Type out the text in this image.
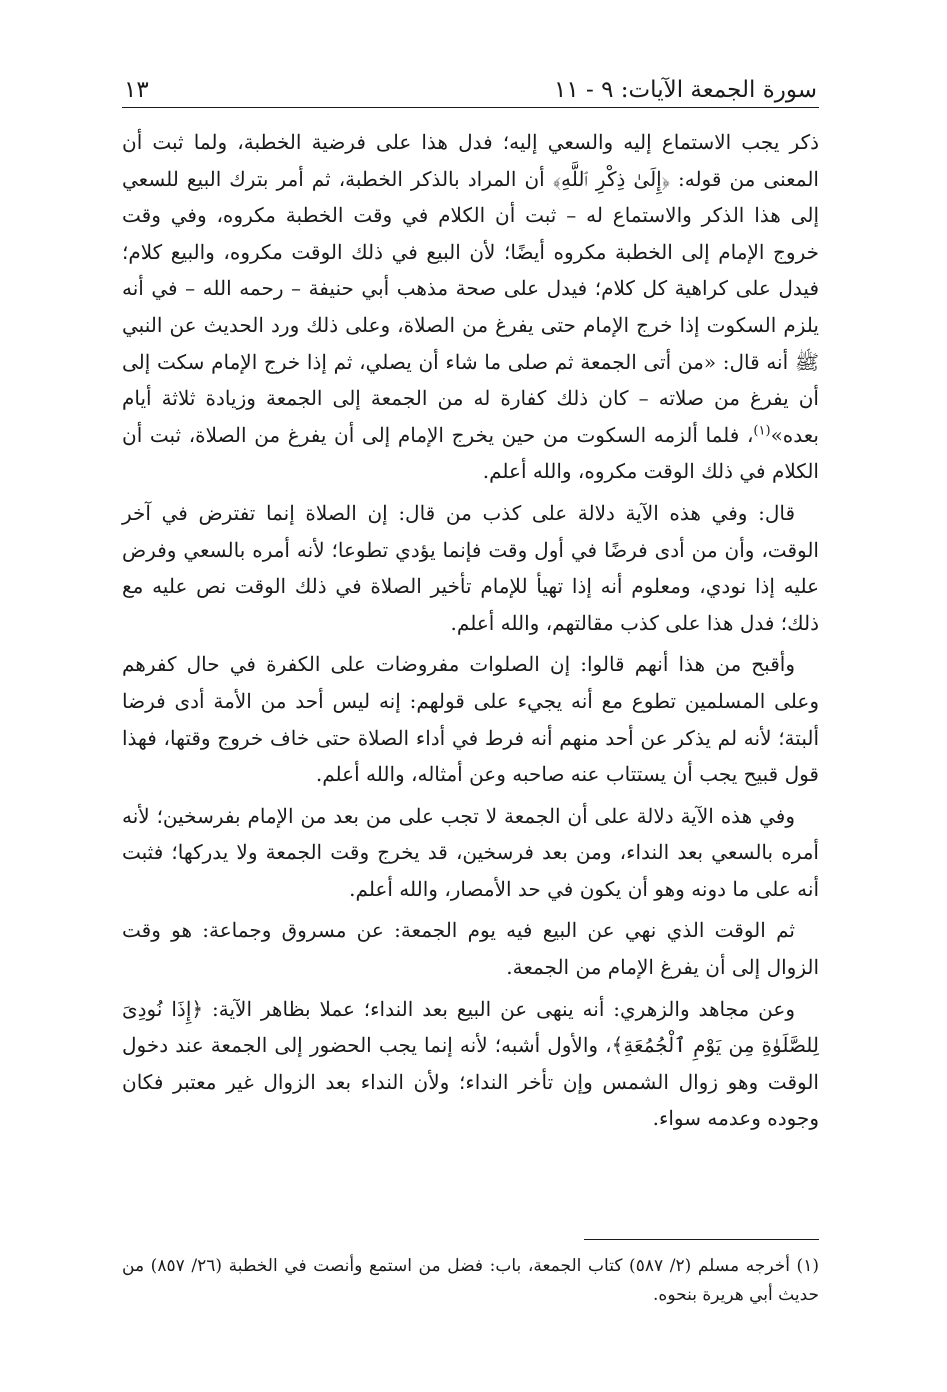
سورة الجمعة الآيات: ٩ - ١١
١٣

ذكر يجب الاستماع إليه والسعي إليه؛ فدل هذا على فرضية الخطبة، ولما ثبت أن المعنى من قوله: ﴿إِلَىٰ ذِكْرِ ٱللَّهِ﴾ أن المراد بالذكر الخطبة، ثم أمر بترك البيع للسعي إلى هذا الذكر والاستماع له – ثبت أن الكلام في وقت الخطبة مكروه، وفي وقت خروج الإمام إلى الخطبة مكروه أيضًا؛ لأن البيع في ذلك الوقت مكروه، والبيع كلام؛ فيدل على كراهية كل كلام؛ فيدل على صحة مذهب أبي حنيفة – رحمه الله – في أنه يلزم السكوت إذا خرج الإمام حتى يفرغ من الصلاة، وعلى ذلك ورد الحديث عن النبي ﷺ أنه قال: «من أتى الجمعة ثم صلى ما شاء أن يصلي، ثم إذا خرج الإمام سكت إلى أن يفرغ من صلاته – كان ذلك كفارة له من الجمعة إلى الجمعة وزيادة ثلاثة أيام بعده»$^{(١)}$، فلما ألزمه السكوت من حين يخرج الإمام إلى أن يفرغ من الصلاة، ثبت أن الكلام في ذلك الوقت مكروه، والله أعلم.

قال: وفي هذه الآية دلالة على كذب من قال: إن الصلاة إنما تفترض في آخر الوقت، وأن من أدى فرضًا في أول وقت فإنما يؤدي تطوعا؛ لأنه أمره بالسعي وفرض عليه إذا نودي، ومعلوم أنه إذا تهيأ للإمام تأخير الصلاة في ذلك الوقت نص عليه مع ذلك؛ فدل هذا على كذب مقالتهم، والله أعلم.

وأقبح من هذا أنهم قالوا: إن الصلوات مفروضات على الكفرة في حال كفرهم وعلى المسلمين تطوع مع أنه يجيء على قولهم: إنه ليس أحد من الأمة أدى فرضا ألبتة؛ لأنه لم يذكر عن أحد منهم أنه فرط في أداء الصلاة حتى خاف خروج وقتها، فهذا قول قبيح يجب أن يستتاب عنه صاحبه وعن أمثاله، والله أعلم.

وفي هذه الآية دلالة على أن الجمعة لا تجب على من بعد من الإمام بفرسخين؛ لأنه أمره بالسعي بعد النداء، ومن بعد فرسخين، قد يخرج وقت الجمعة ولا يدركها؛ فثبت أنه على ما دونه وهو أن يكون في حد الأمصار، والله أعلم.

ثم الوقت الذي نهي عن البيع فيه يوم الجمعة: عن مسروق وجماعة: هو وقت الزوال إلى أن يفرغ الإمام من الجمعة.

وعن مجاهد والزهري: أنه ينهى عن البيع بعد النداء؛ عملا بظاهر الآية: ﴿إِذَا نُودِىَ لِلصَّلَوٰةِ مِن يَوْمِ ٱلْجُمُعَةِ﴾، والأول أشبه؛ لأنه إنما يجب الحضور إلى الجمعة عند دخول الوقت وهو زوال الشمس وإن تأخر النداء؛ ولأن النداء بعد الزوال غير معتبر فكان وجوده وعدمه سواء.

(١) أخرجه مسلم (٢/ ٥٨٧) كتاب الجمعة، باب: فضل من استمع وأنصت في الخطبة (٢٦/ ٨٥٧) من حديث أبي هريرة بنحوه.
